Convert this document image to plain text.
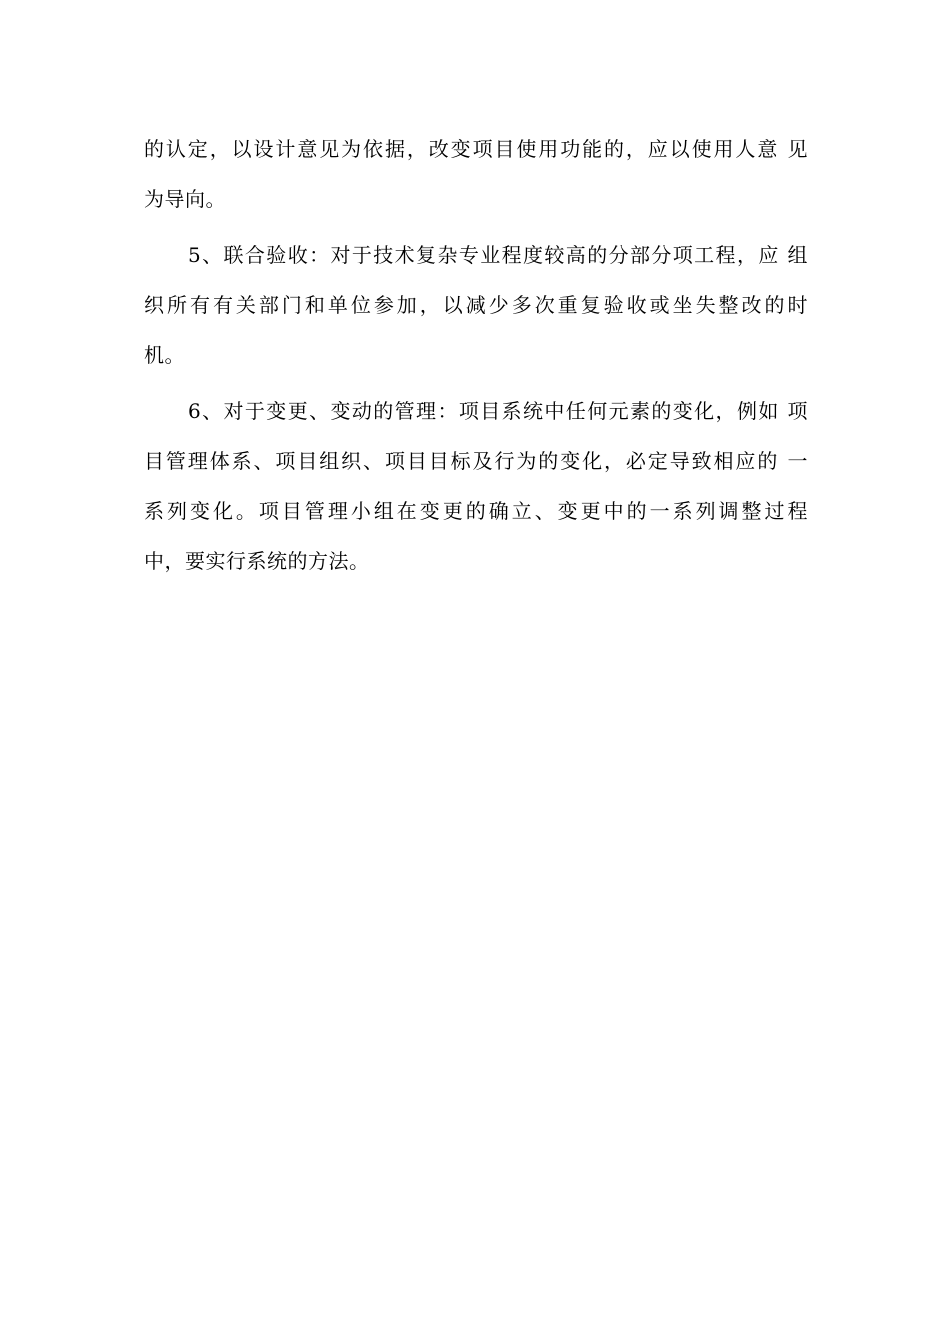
的认定，以设计意见为依据，改变项目使用功能的，应以使用人意 见
为导向。
5、联合验收：对于技术复杂专业程度较高的分部分项工程，应 组
织所有有关部门和单位参加，以减少多次重复验收或坐失整改的时
机。
6、对于变更、变动的管理：项目系统中任何元素的变化，例如 项
目管理体系、项目组织、项目目标及行为的变化，必定导致相应的 一
系列变化。项目管理小组在变更的确立、变更中的一系列调整过程
中，要实行系统的方法。
